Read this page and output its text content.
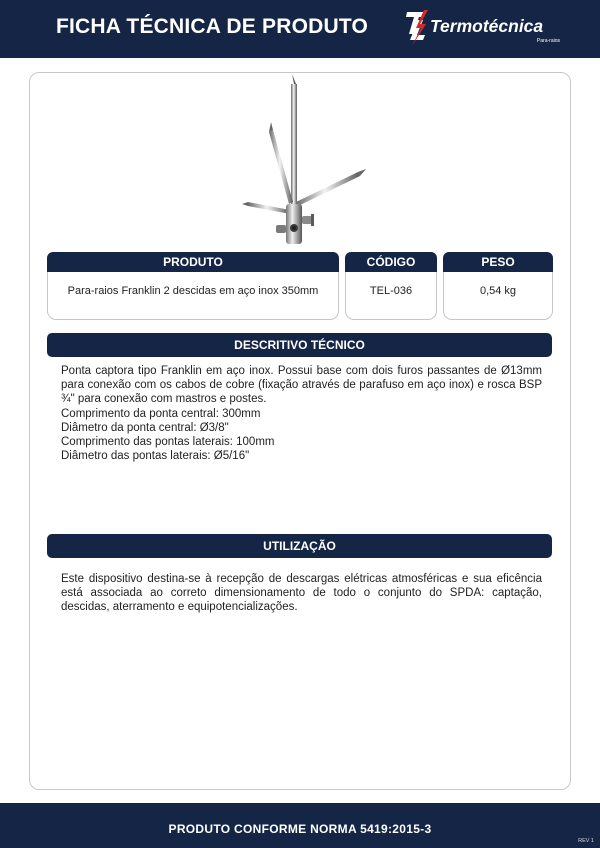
FICHA TÉCNICA DE PRODUTO	Termotécnica
Para-raios
PRODUTO
Para-raios Franklin 2 descidas em aço inox 350mm
CÓDIGO
TEL-036
PESO
0,54 kg
DESCRITIVO TÉCNICO

Ponta captora tipo Franklin em aço inox. Possui base com dois furos passantes de Ø13mm para conexão com os cabos de cobre (fixação através de parafuso em aço inox) e rosca BSP ¾" para conexão com mastros e postes.

Comprimento da ponta central: 300mm
Diâmetro da ponta central: Ø3/8"
Comprimento das pontas laterais: 100mm
Diâmetro das pontas laterais: Ø5/16"
UTILIZAÇÃO

Este dispositivo destina-se à recepção de descargas elétricas atmosféricas e sua eficência está associada ao correto dimensionamento de todo o conjunto do SPDA: captação, descidas, aterramento e equipotencializações.

PRODUTO CONFORME NORMA 5419:2015-3
REV 1
